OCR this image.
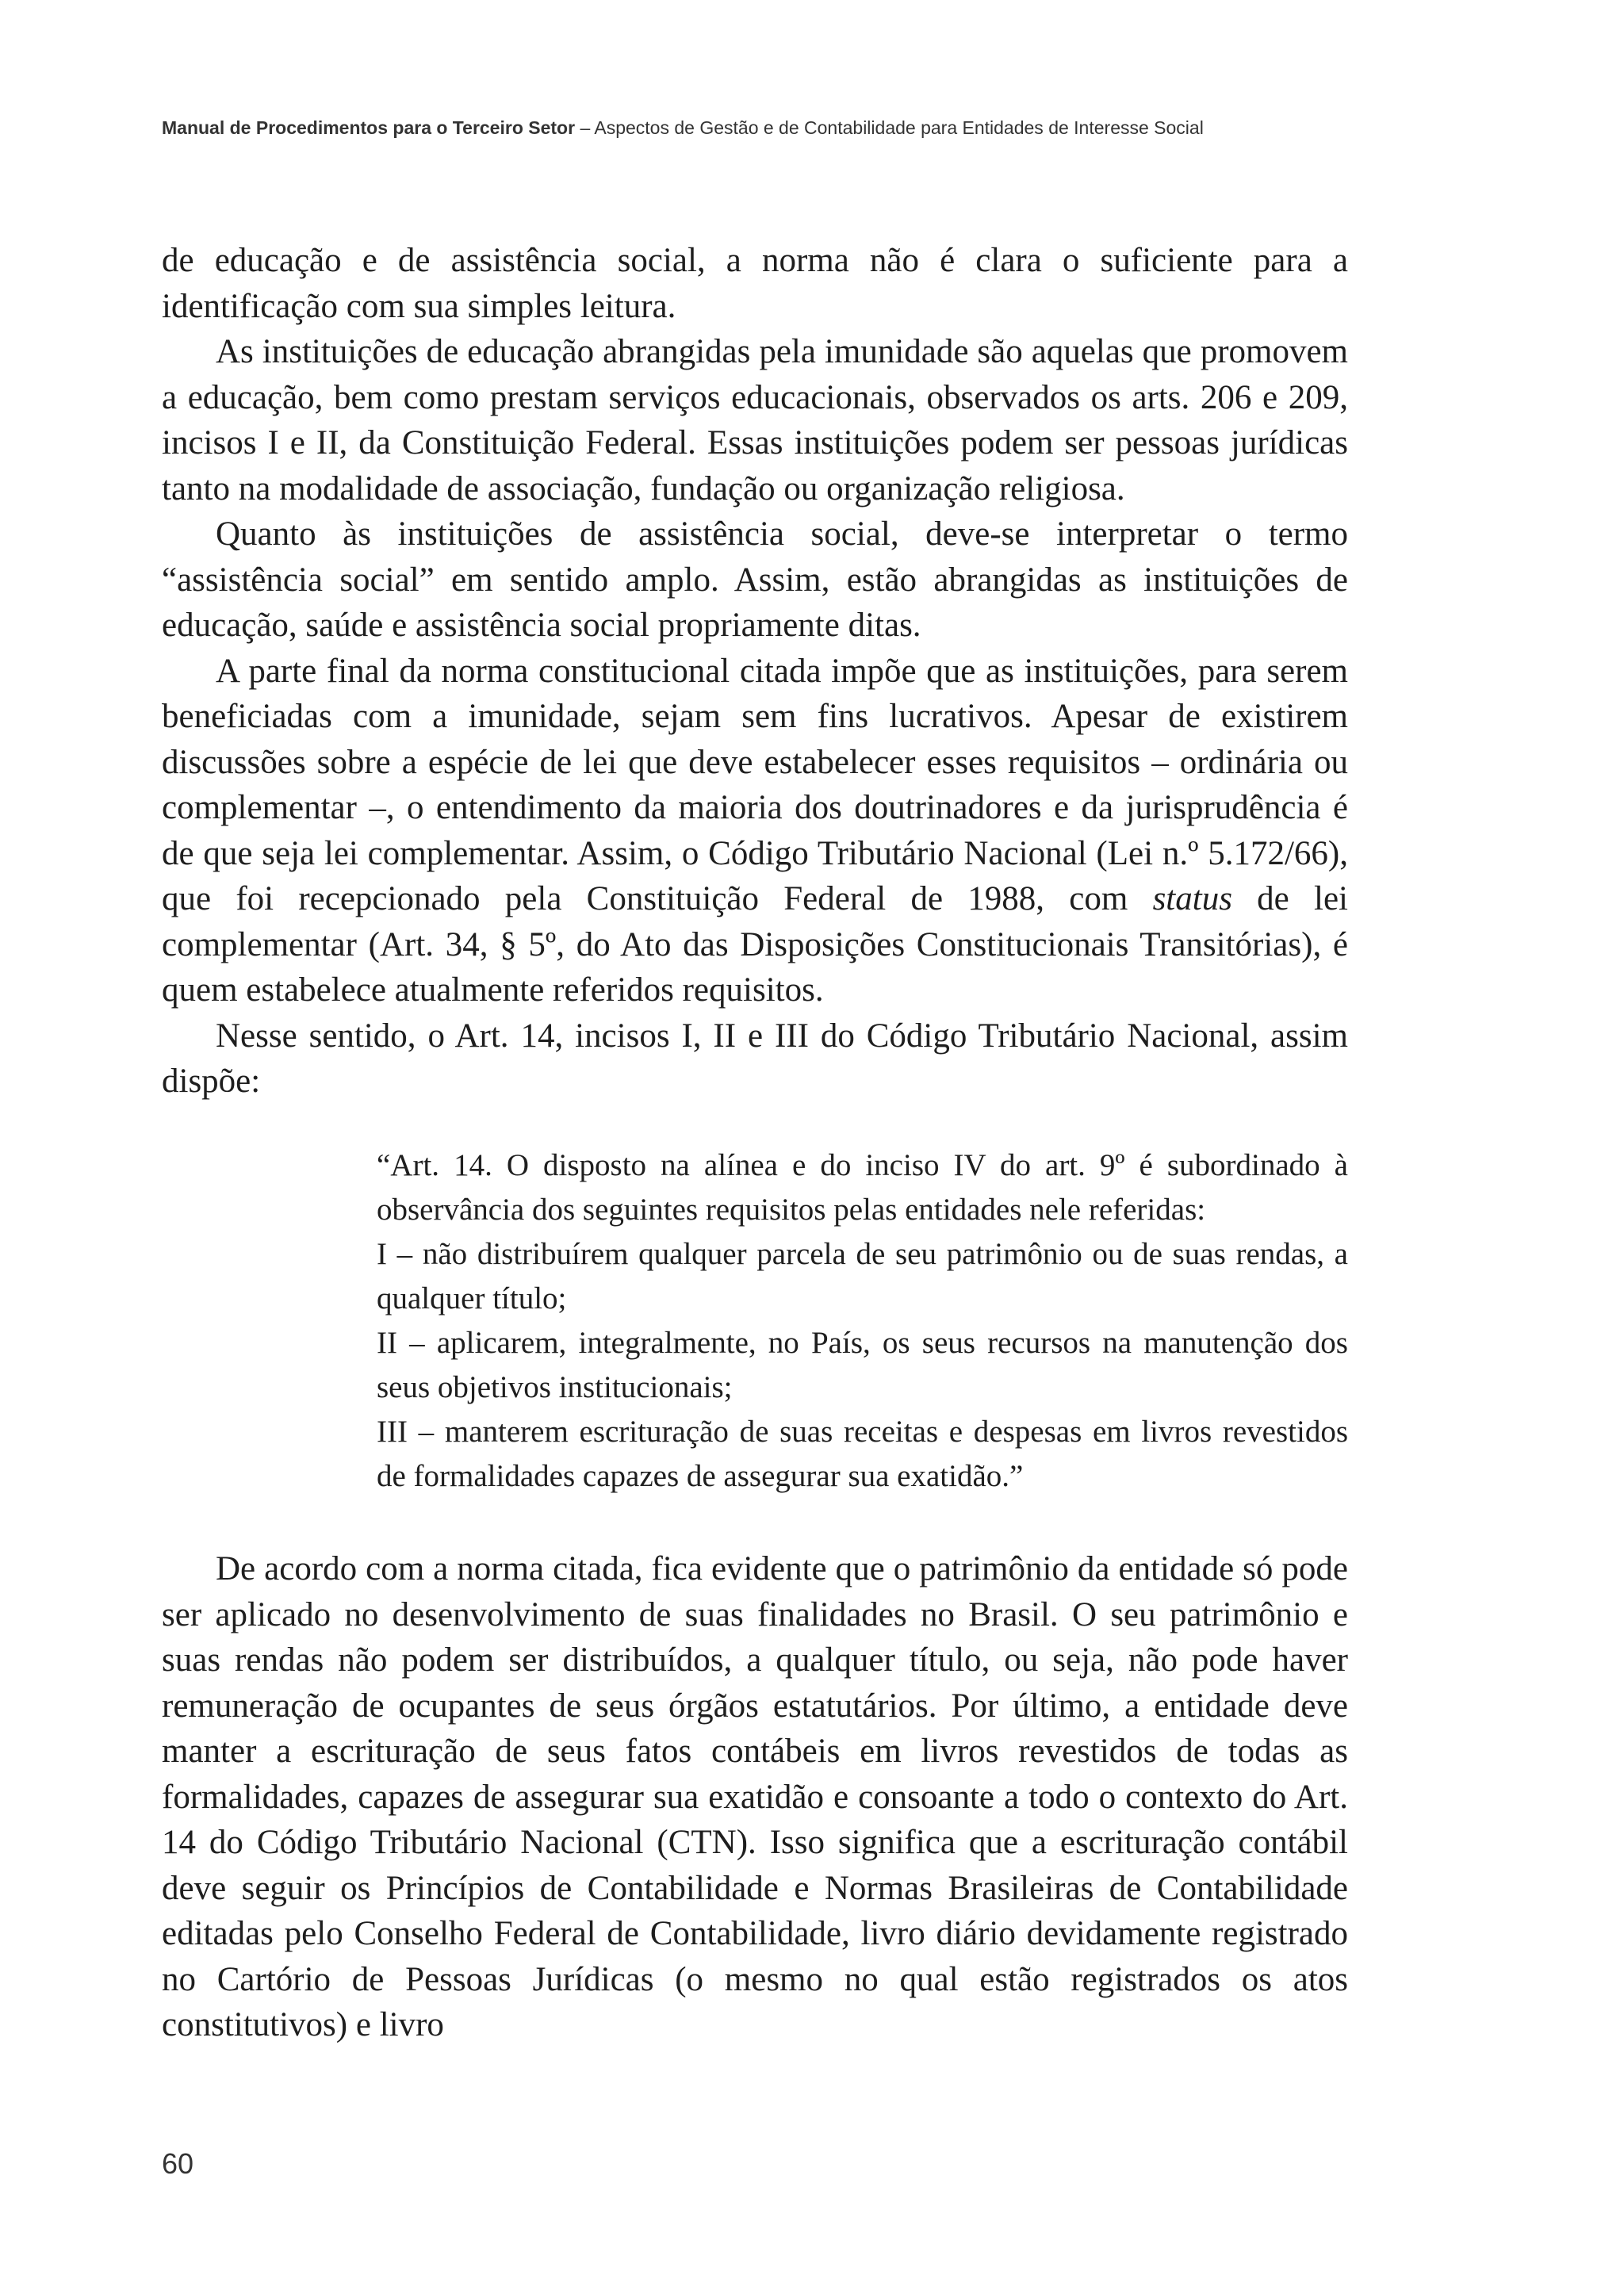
Manual de Procedimentos para o Terceiro Setor – Aspectos de Gestão e de Contabilidade para Entidades de Interesse Social

de educação e de assistência social, a norma não é clara o suficiente para a identificação com sua simples leitura.

As instituições de educação abrangidas pela imunidade são aquelas que promovem a educação, bem como prestam serviços educacionais, observados os arts. 206 e 209, incisos I e II, da Constituição Federal. Essas instituições podem ser pessoas jurídicas tanto na modalidade de associação, fundação ou organização religiosa.

Quanto às instituições de assistência social, deve-se interpretar o termo “assistência social” em sentido amplo. Assim, estão abrangidas as instituições de educação, saúde e assistência social propriamente ditas.

A parte final da norma constitucional citada impõe que as instituições, para serem beneficiadas com a imunidade, sejam sem fins lucrativos. Apesar de existirem discussões sobre a espécie de lei que deve estabelecer esses requisitos – ordinária ou complementar –, o entendimento da maioria dos doutrinadores e da jurisprudência é de que seja lei complementar. Assim, o Código Tributário Nacional (Lei n.º 5.172/66), que foi recepcionado pela Constituição Federal de 1988, com status de lei complementar (Art. 34, § 5º, do Ato das Disposições Constitucionais Transitórias), é quem estabelece atualmente referidos requisitos.

Nesse sentido, o Art. 14, incisos I, II e III do Código Tributário Nacional, assim dispõe:

“Art. 14. O disposto na alínea e do inciso IV do art. 9º é subordinado à observância dos seguintes requisitos pelas entidades nele referidas:

I – não distribuírem qualquer parcela de seu patrimônio ou de suas rendas, a qualquer título;

II – aplicarem, integralmente, no País, os seus recursos na manutenção dos seus objetivos institucionais;

III – manterem escrituração de suas receitas e despesas em livros revestidos de formalidades capazes de assegurar sua exatidão.”

De acordo com a norma citada, fica evidente que o patrimônio da entidade só pode ser aplicado no desenvolvimento de suas finalidades no Brasil. O seu patrimônio e suas rendas não podem ser distribuídos, a qualquer título, ou seja, não pode haver remuneração de ocupantes de seus órgãos estatutários. Por último, a entidade deve manter a escrituração de seus fatos contábeis em livros revestidos de todas as formalidades, capazes de assegurar sua exatidão e consoante a todo o contexto do Art. 14 do Código Tributário Nacional (CTN). Isso significa que a escrituração contábil deve seguir os Princípios de Contabilidade e Normas Brasileiras de Contabilidade editadas pelo Conselho Federal de Contabilidade, livro diário devidamente registrado no Cartório de Pessoas Jurídicas (o mesmo no qual estão registrados os atos constitutivos) e livro

60
